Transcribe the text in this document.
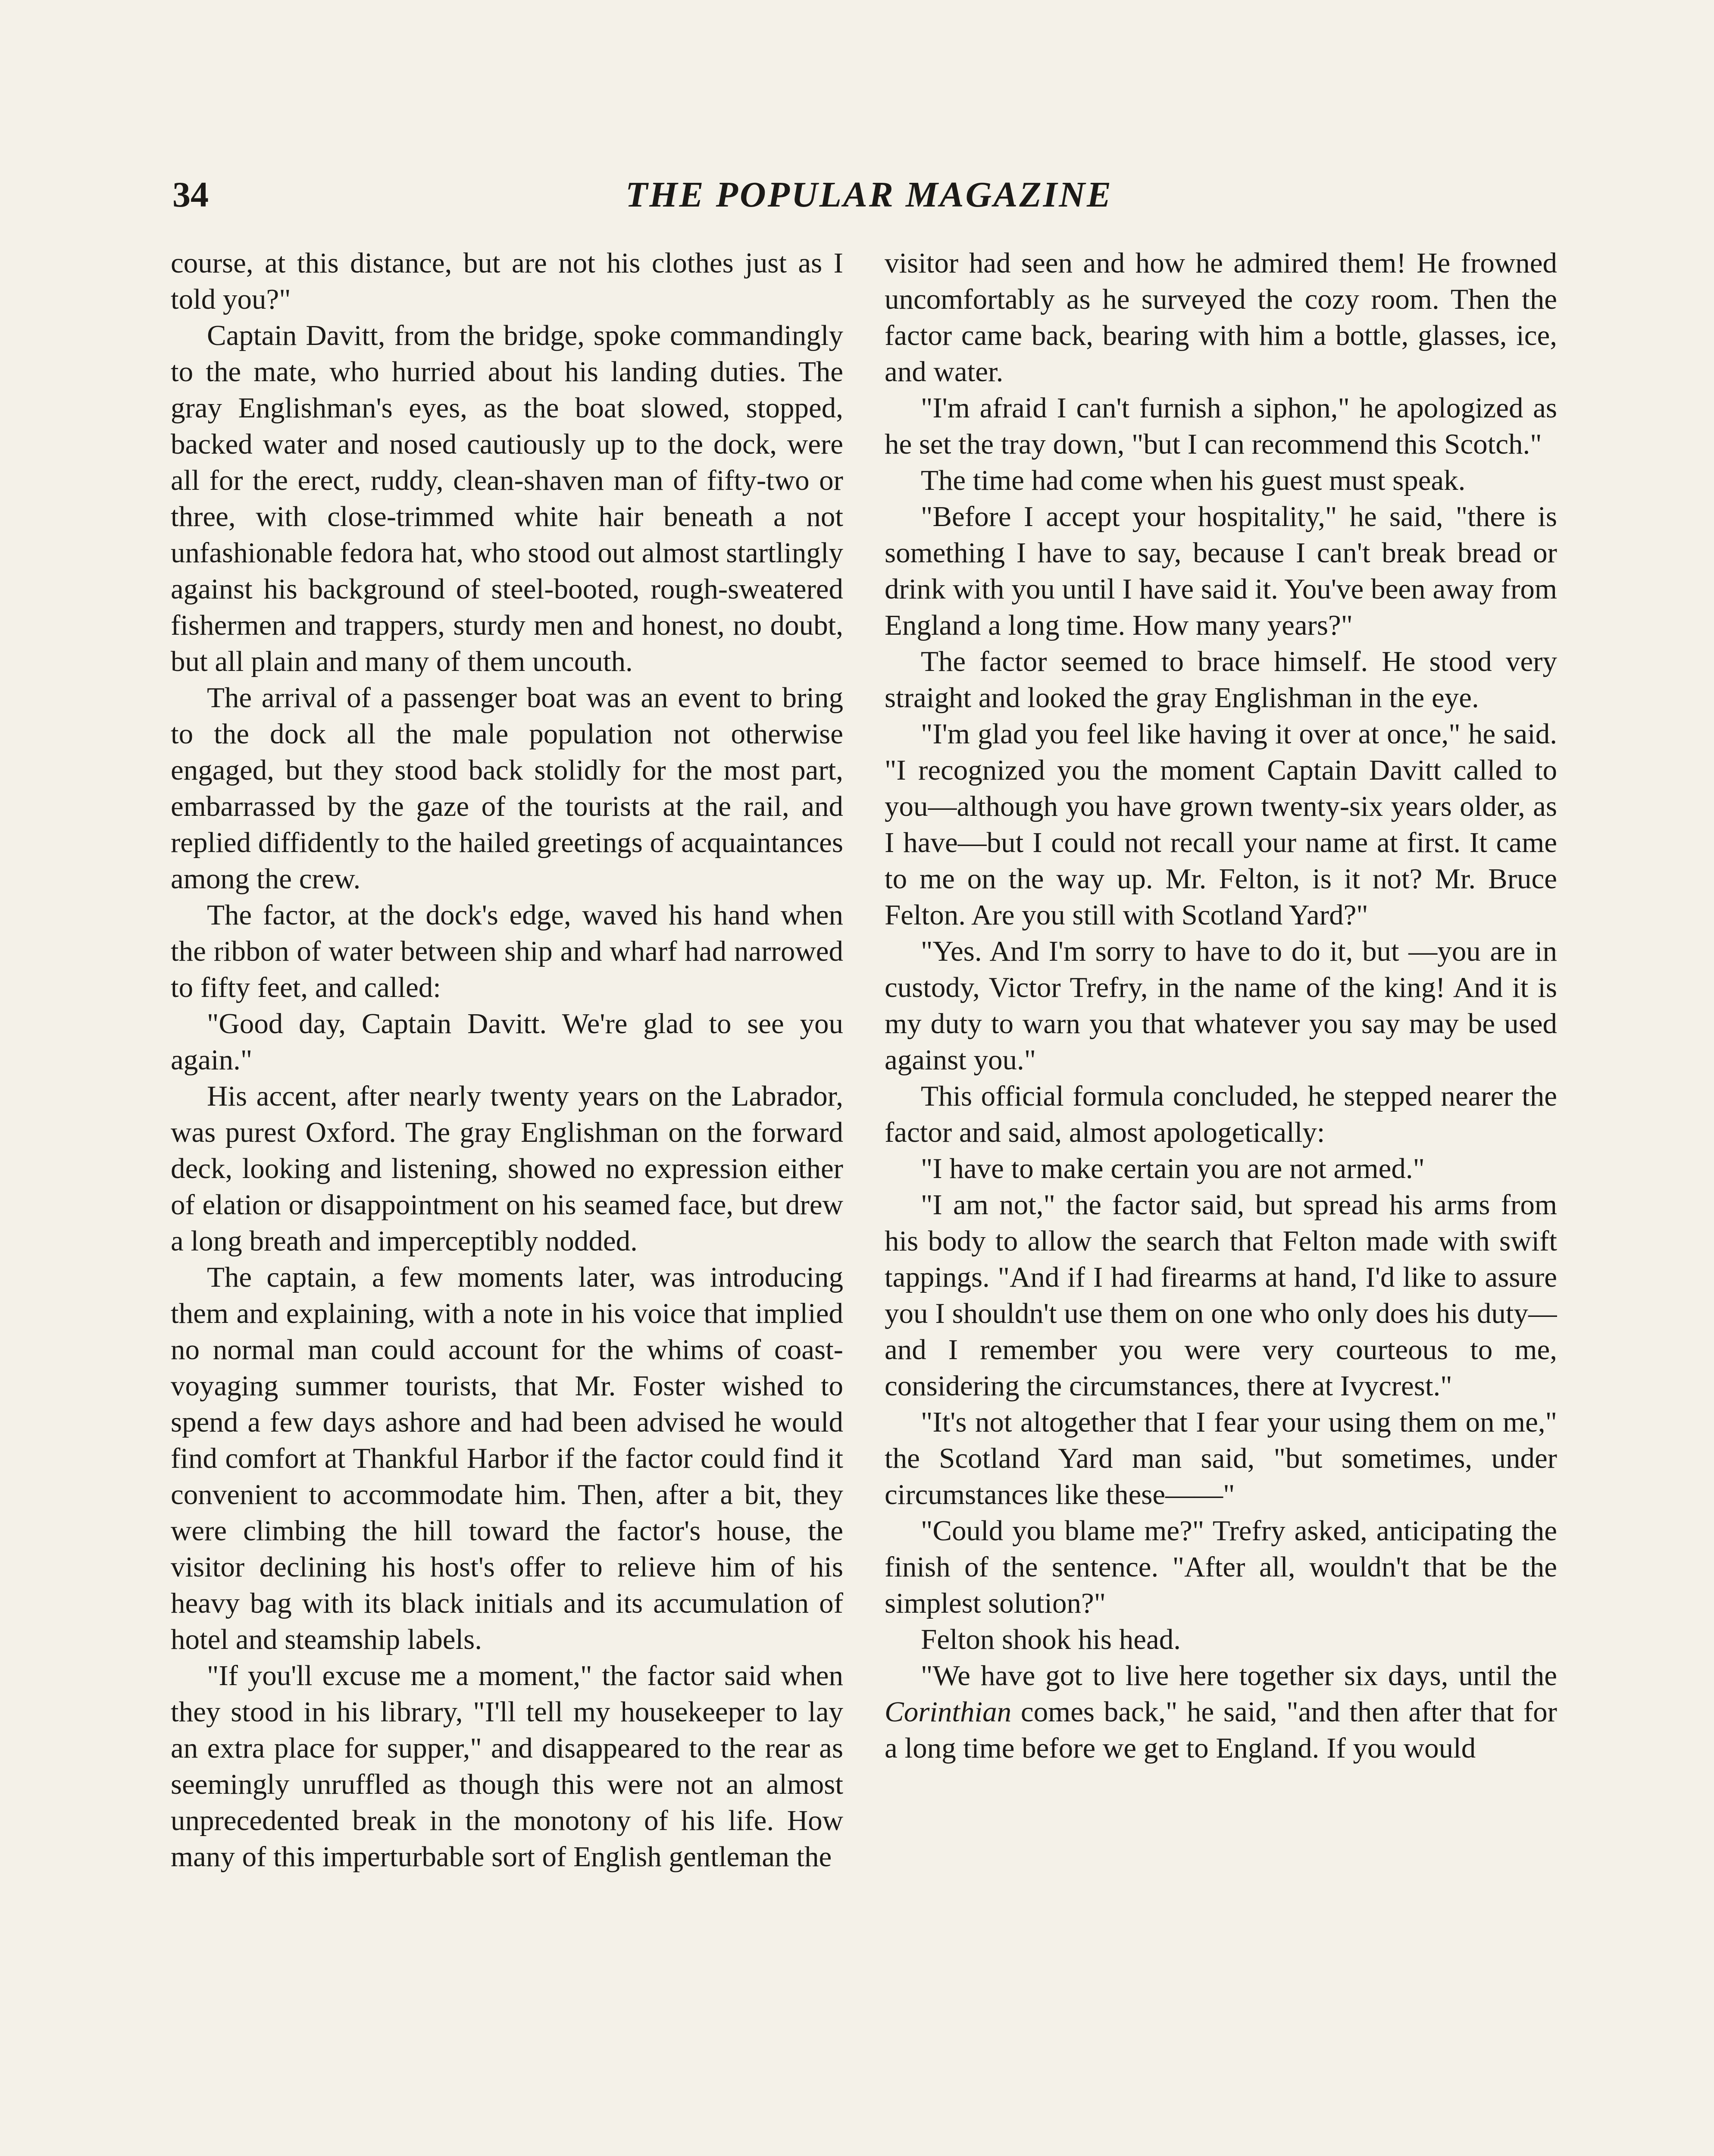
34	THE POPULAR MAGAZINE

course, at this distance, but are not his clothes just as I told you?"

Captain Davitt, from the bridge, spoke commandingly to the mate, who hurried about his landing duties. The gray Englishman's eyes, as the boat slowed, stopped, backed water and nosed cautiously up to the dock, were all for the erect, ruddy, clean-shaven man of fifty-two or three, with close-trimmed white hair beneath a not unfashionable fedora hat, who stood out almost startlingly against his background of steel-booted, rough-sweatered fishermen and trappers, sturdy men and honest, no doubt, but all plain and many of them uncouth.

The arrival of a passenger boat was an event to bring to the dock all the male population not otherwise engaged, but they stood back stolidly for the most part, embarrassed by the gaze of the tourists at the rail, and replied diffidently to the hailed greetings of acquaintances among the crew.

The factor, at the dock's edge, waved his hand when the ribbon of water between ship and wharf had narrowed to fifty feet, and called:

"Good day, Captain Davitt. We're glad to see you again."

His accent, after nearly twenty years on the Labrador, was purest Oxford. The gray Englishman on the forward deck, looking and listening, showed no expression either of elation or disappointment on his seamed face, but drew a long breath and imperceptibly nodded.

The captain, a few moments later, was introducing them and explaining, with a note in his voice that implied no normal man could account for the whims of coast-voyaging summer tourists, that Mr. Foster wished to spend a few days ashore and had been advised he would find comfort at Thankful Harbor if the factor could find it convenient to accommodate him. Then, after a bit, they were climbing the hill toward the factor's house, the visitor declining his host's offer to relieve him of his heavy bag with its black initials and its accumulation of hotel and steamship labels.

"If you'll excuse me a moment," the factor said when they stood in his library, "I'll tell my housekeeper to lay an extra place for supper," and disappeared to the rear as seemingly unruffled as though this were not an almost unprecedented break in the monotony of his life. How many of this imperturbable sort of English gentleman the

visitor had seen and how he admired them! He frowned uncomfortably as he surveyed the cozy room. Then the factor came back, bearing with him a bottle, glasses, ice, and water.

"I'm afraid I can't furnish a siphon," he apologized as he set the tray down, "but I can recommend this Scotch."

The time had come when his guest must speak.

"Before I accept your hospitality," he said, "there is something I have to say, because I can't break bread or drink with you until I have said it. You've been away from England a long time. How many years?"

The factor seemed to brace himself. He stood very straight and looked the gray Englishman in the eye.

"I'm glad you feel like having it over at once," he said. "I recognized you the moment Captain Davitt called to you—although you have grown twenty-six years older, as I have—but I could not recall your name at first. It came to me on the way up. Mr. Felton, is it not? Mr. Bruce Felton. Are you still with Scotland Yard?"

"Yes. And I'm sorry to have to do it, but —you are in custody, Victor Trefry, in the name of the king! And it is my duty to warn you that whatever you say may be used against you."

This official formula concluded, he stepped nearer the factor and said, almost apologetically:

"I have to make certain you are not armed."

"I am not," the factor said, but spread his arms from his body to allow the search that Felton made with swift tappings. "And if I had firearms at hand, I'd like to assure you I shouldn't use them on one who only does his duty—and I remember you were very courteous to me, considering the circumstances, there at Ivycrest."

"It's not altogether that I fear your using them on me," the Scotland Yard man said, "but sometimes, under circumstances like these——"

"Could you blame me?" Trefry asked, anticipating the finish of the sentence. "After all, wouldn't that be the simplest solution?"

Felton shook his head.

"We have got to live here together six days, until the Corinthian comes back," he said, "and then after that for a long time before we get to England. If you would
